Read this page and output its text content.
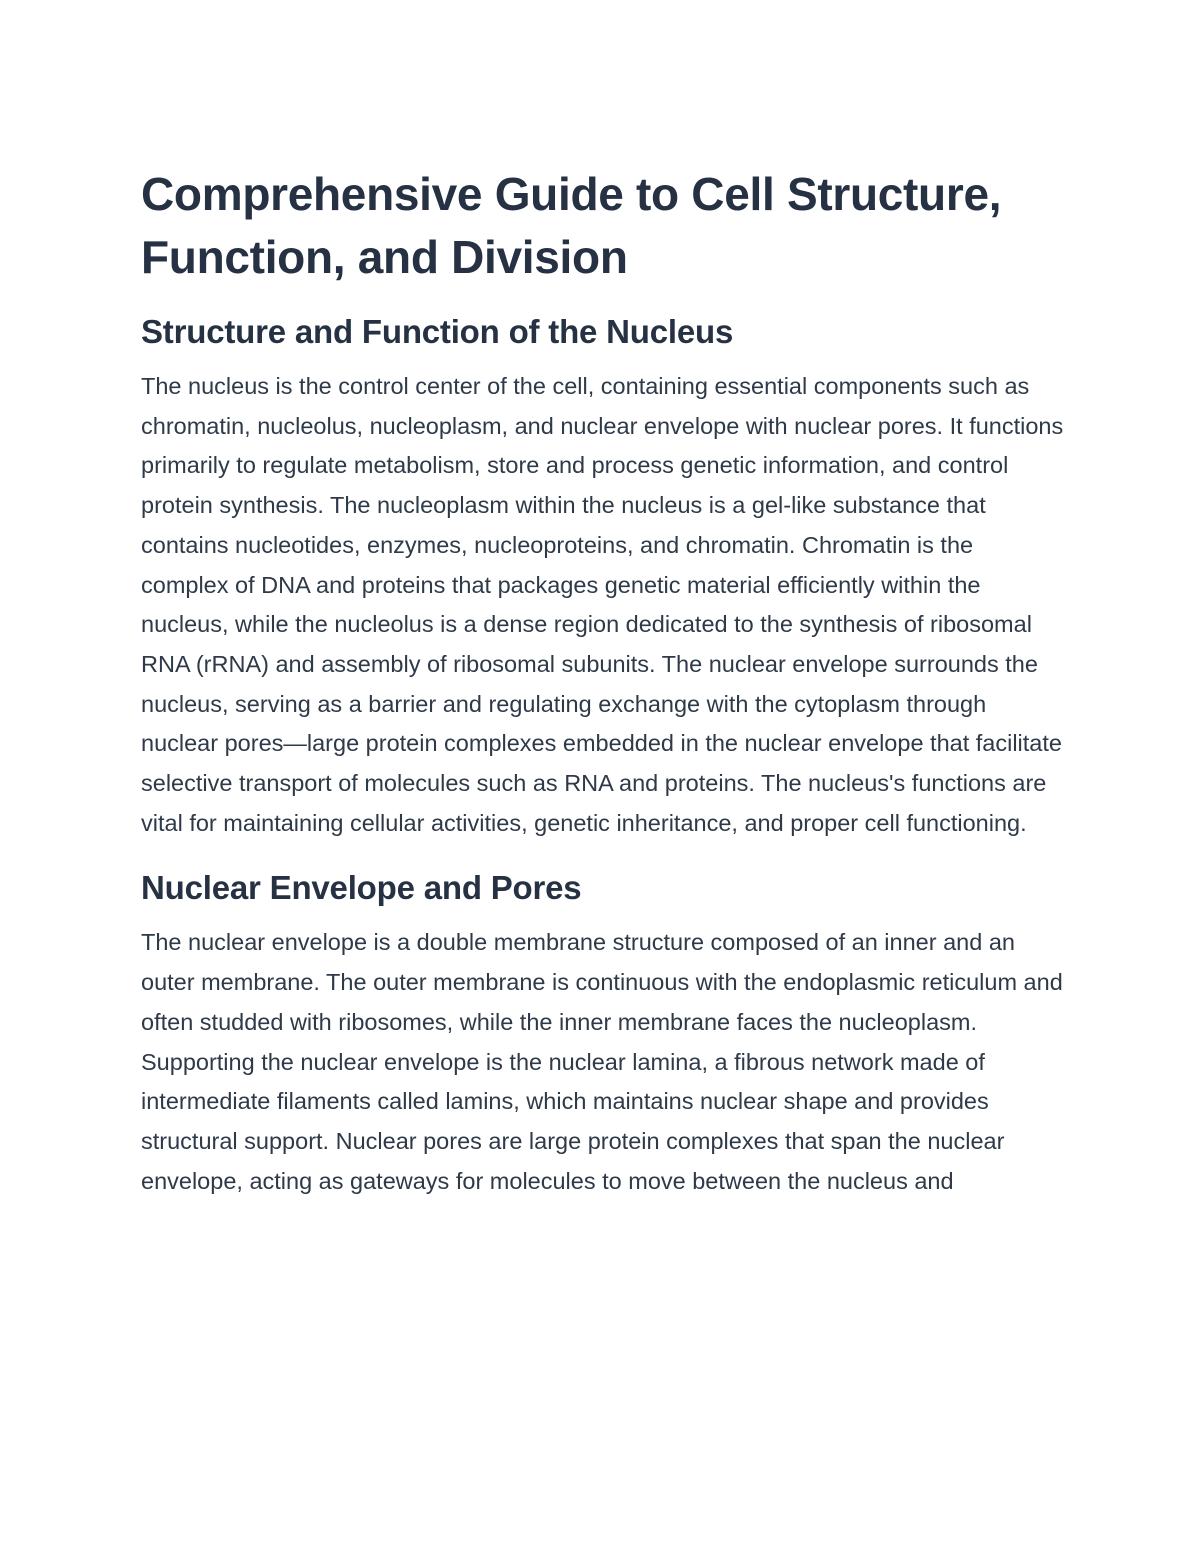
Comprehensive Guide to Cell Structure, Function, and Division
Structure and Function of the Nucleus

The nucleus is the control center of the cell, containing essential components such as chromatin, nucleolus, nucleoplasm, and nuclear envelope with nuclear pores. It functions primarily to regulate metabolism, store and process genetic information, and control protein synthesis. The nucleoplasm within the nucleus is a gel-like substance that contains nucleotides, enzymes, nucleoproteins, and chromatin. Chromatin is the complex of DNA and proteins that packages genetic material efficiently within the nucleus, while the nucleolus is a dense region dedicated to the synthesis of ribosomal RNA (rRNA) and assembly of ribosomal subunits. The nuclear envelope surrounds the nucleus, serving as a barrier and regulating exchange with the cytoplasm through nuclear pores—large protein complexes embedded in the nuclear envelope that facilitate selective transport of molecules such as RNA and proteins. The nucleus's functions are vital for maintaining cellular activities, genetic inheritance, and proper cell functioning.

Nuclear Envelope and Pores

The nuclear envelope is a double membrane structure composed of an inner and an outer membrane. The outer membrane is continuous with the endoplasmic reticulum and often studded with ribosomes, while the inner membrane faces the nucleoplasm. Supporting the nuclear envelope is the nuclear lamina, a fibrous network made of intermediate filaments called lamins, which maintains nuclear shape and provides structural support. Nuclear pores are large protein complexes that span the nuclear envelope, acting as gateways for molecules to move between the nucleus and
